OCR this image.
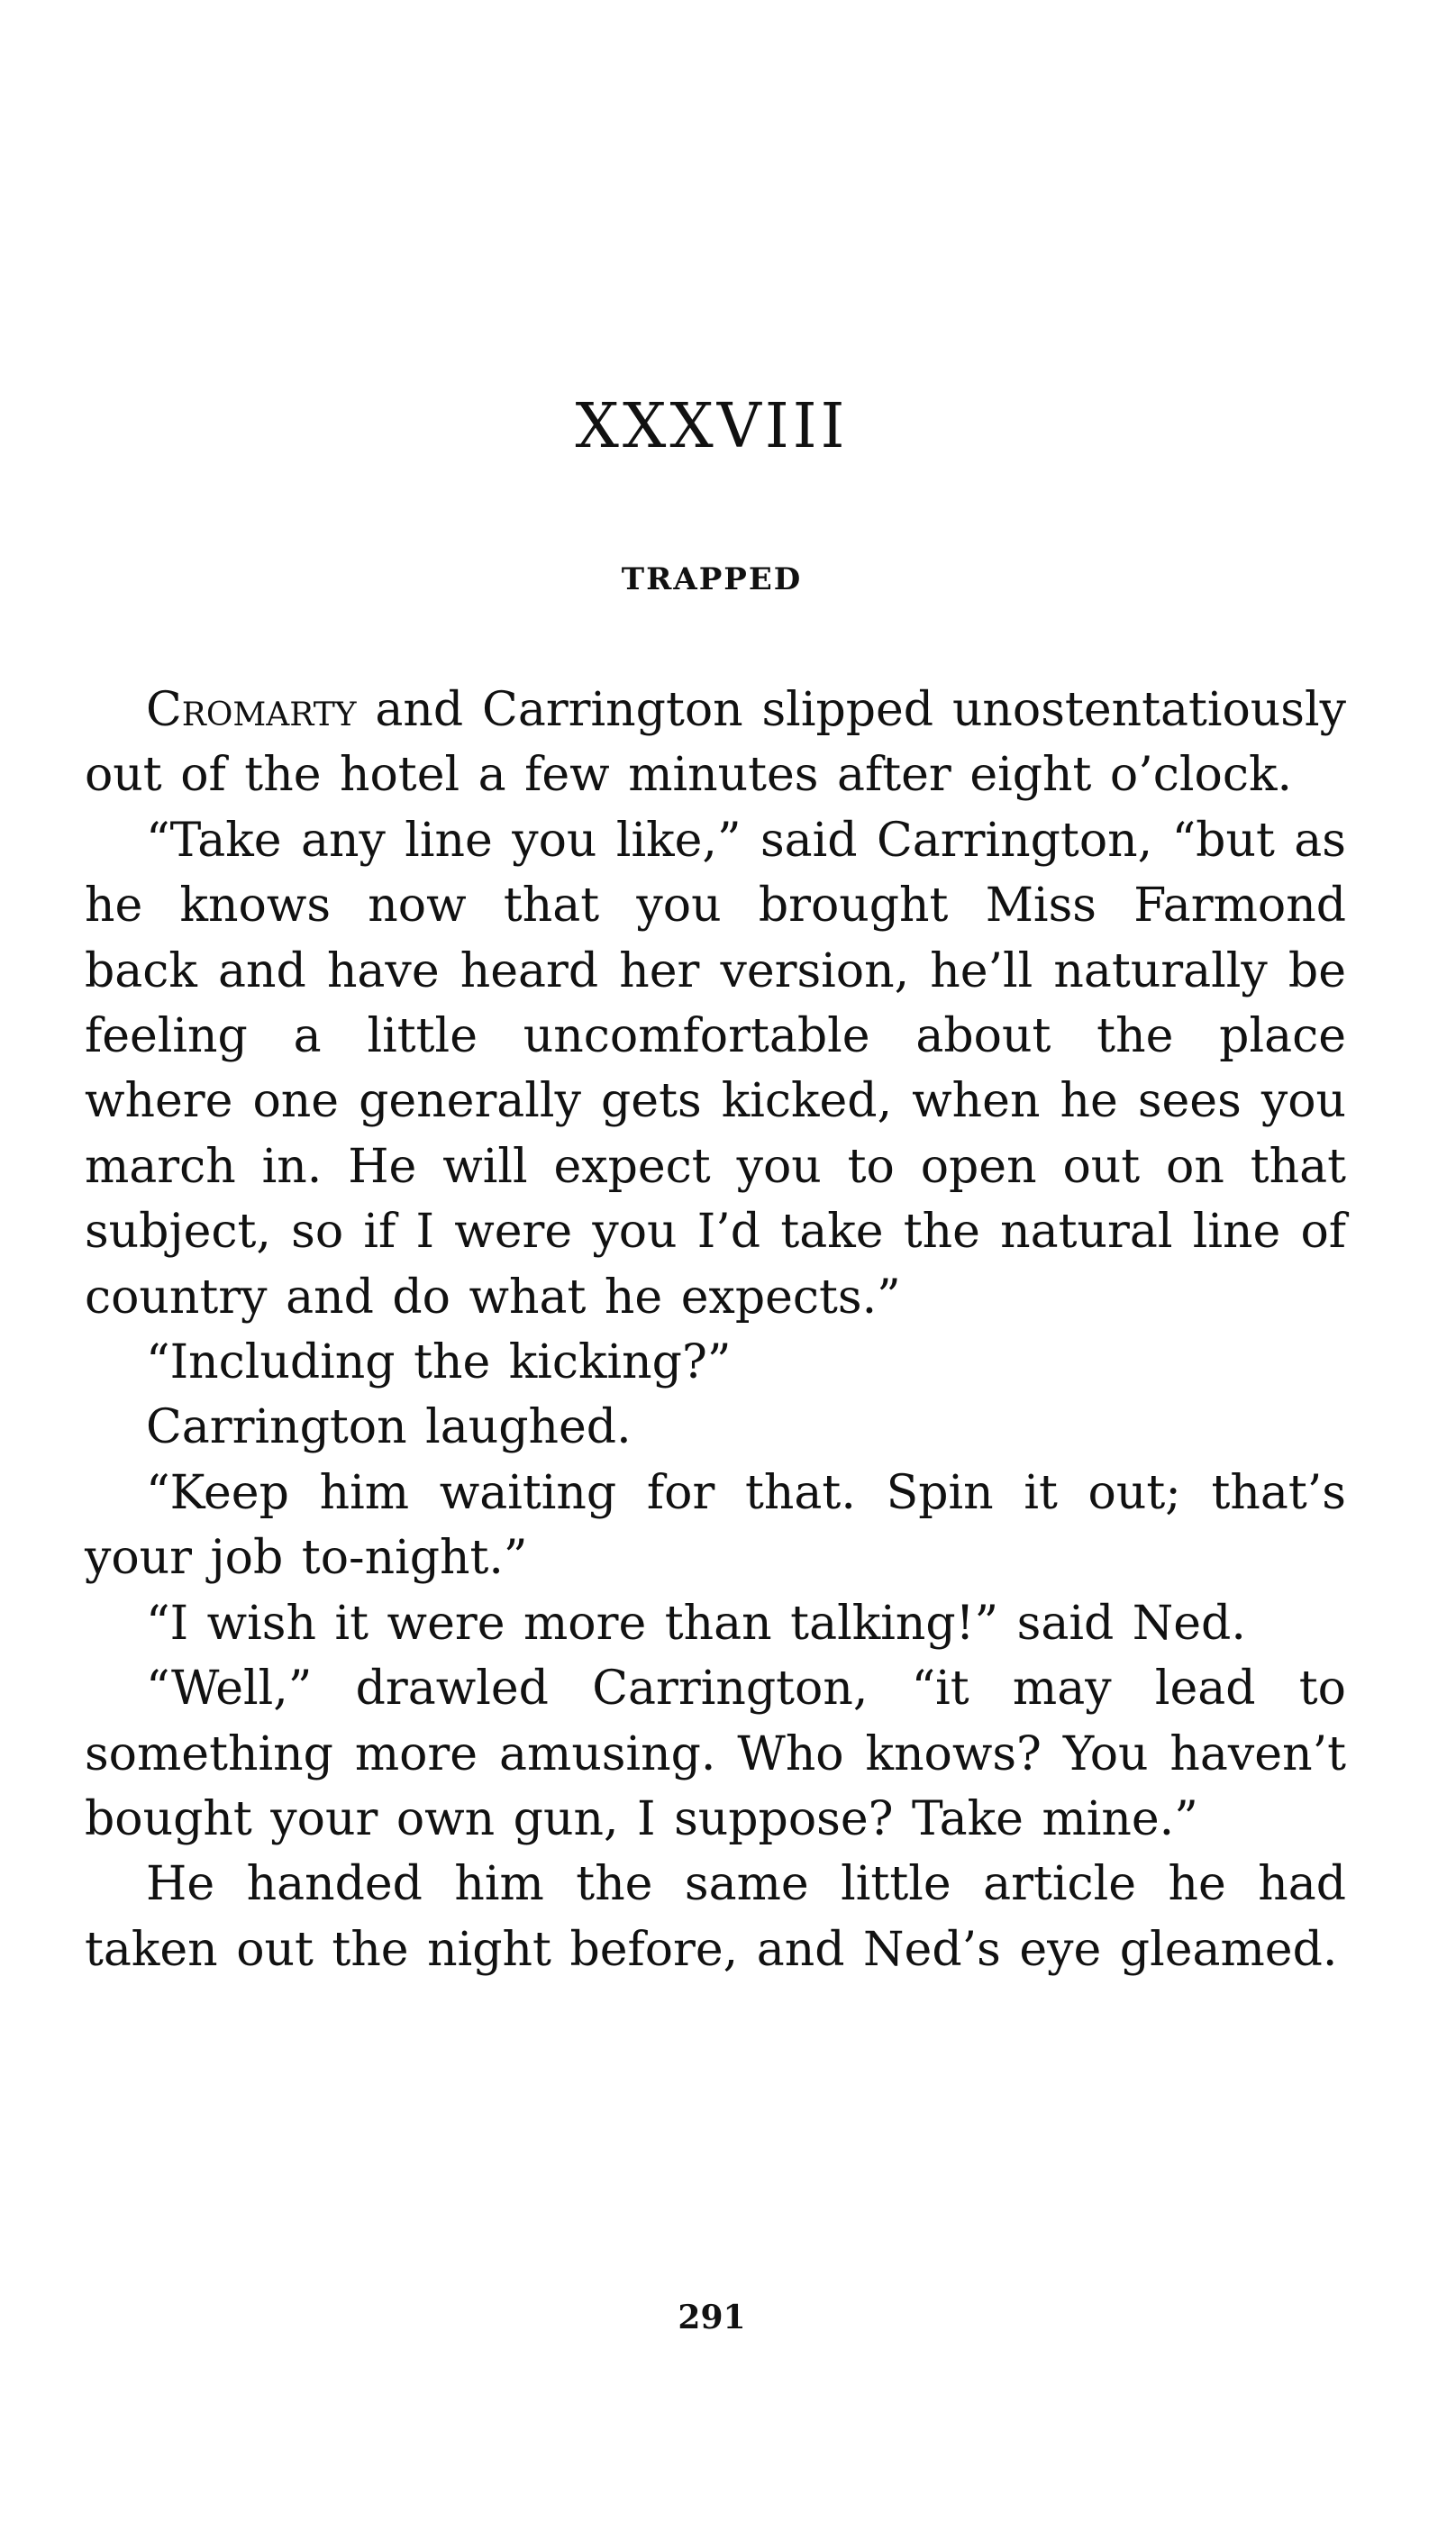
XXXVIII
TRAPPED

Cromarty and Carrington slipped unostentatiously out of the hotel a few minutes after eight o’clock.

“Take any line you like,” said Carrington, “but as he knows now that you brought Miss Farmond back and have heard her version, he’ll naturally be feeling a little uncomfortable about the place where one generally gets kicked, when he sees you march in. He will expect you to open out on that subject, so if I were you I’d take the natural line of country and do what he expects.”

“Including the kicking?”

Carrington laughed.

“Keep him waiting for that. Spin it out; that’s your job to-night.”

“I wish it were more than talking!” said Ned.

“Well,” drawled Carrington, “it may lead to something more amusing. Who knows? You haven’t bought your own gun, I suppose? Take mine.”

He handed him the same little article he had taken out the night before, and Ned’s eye gleamed.

291
